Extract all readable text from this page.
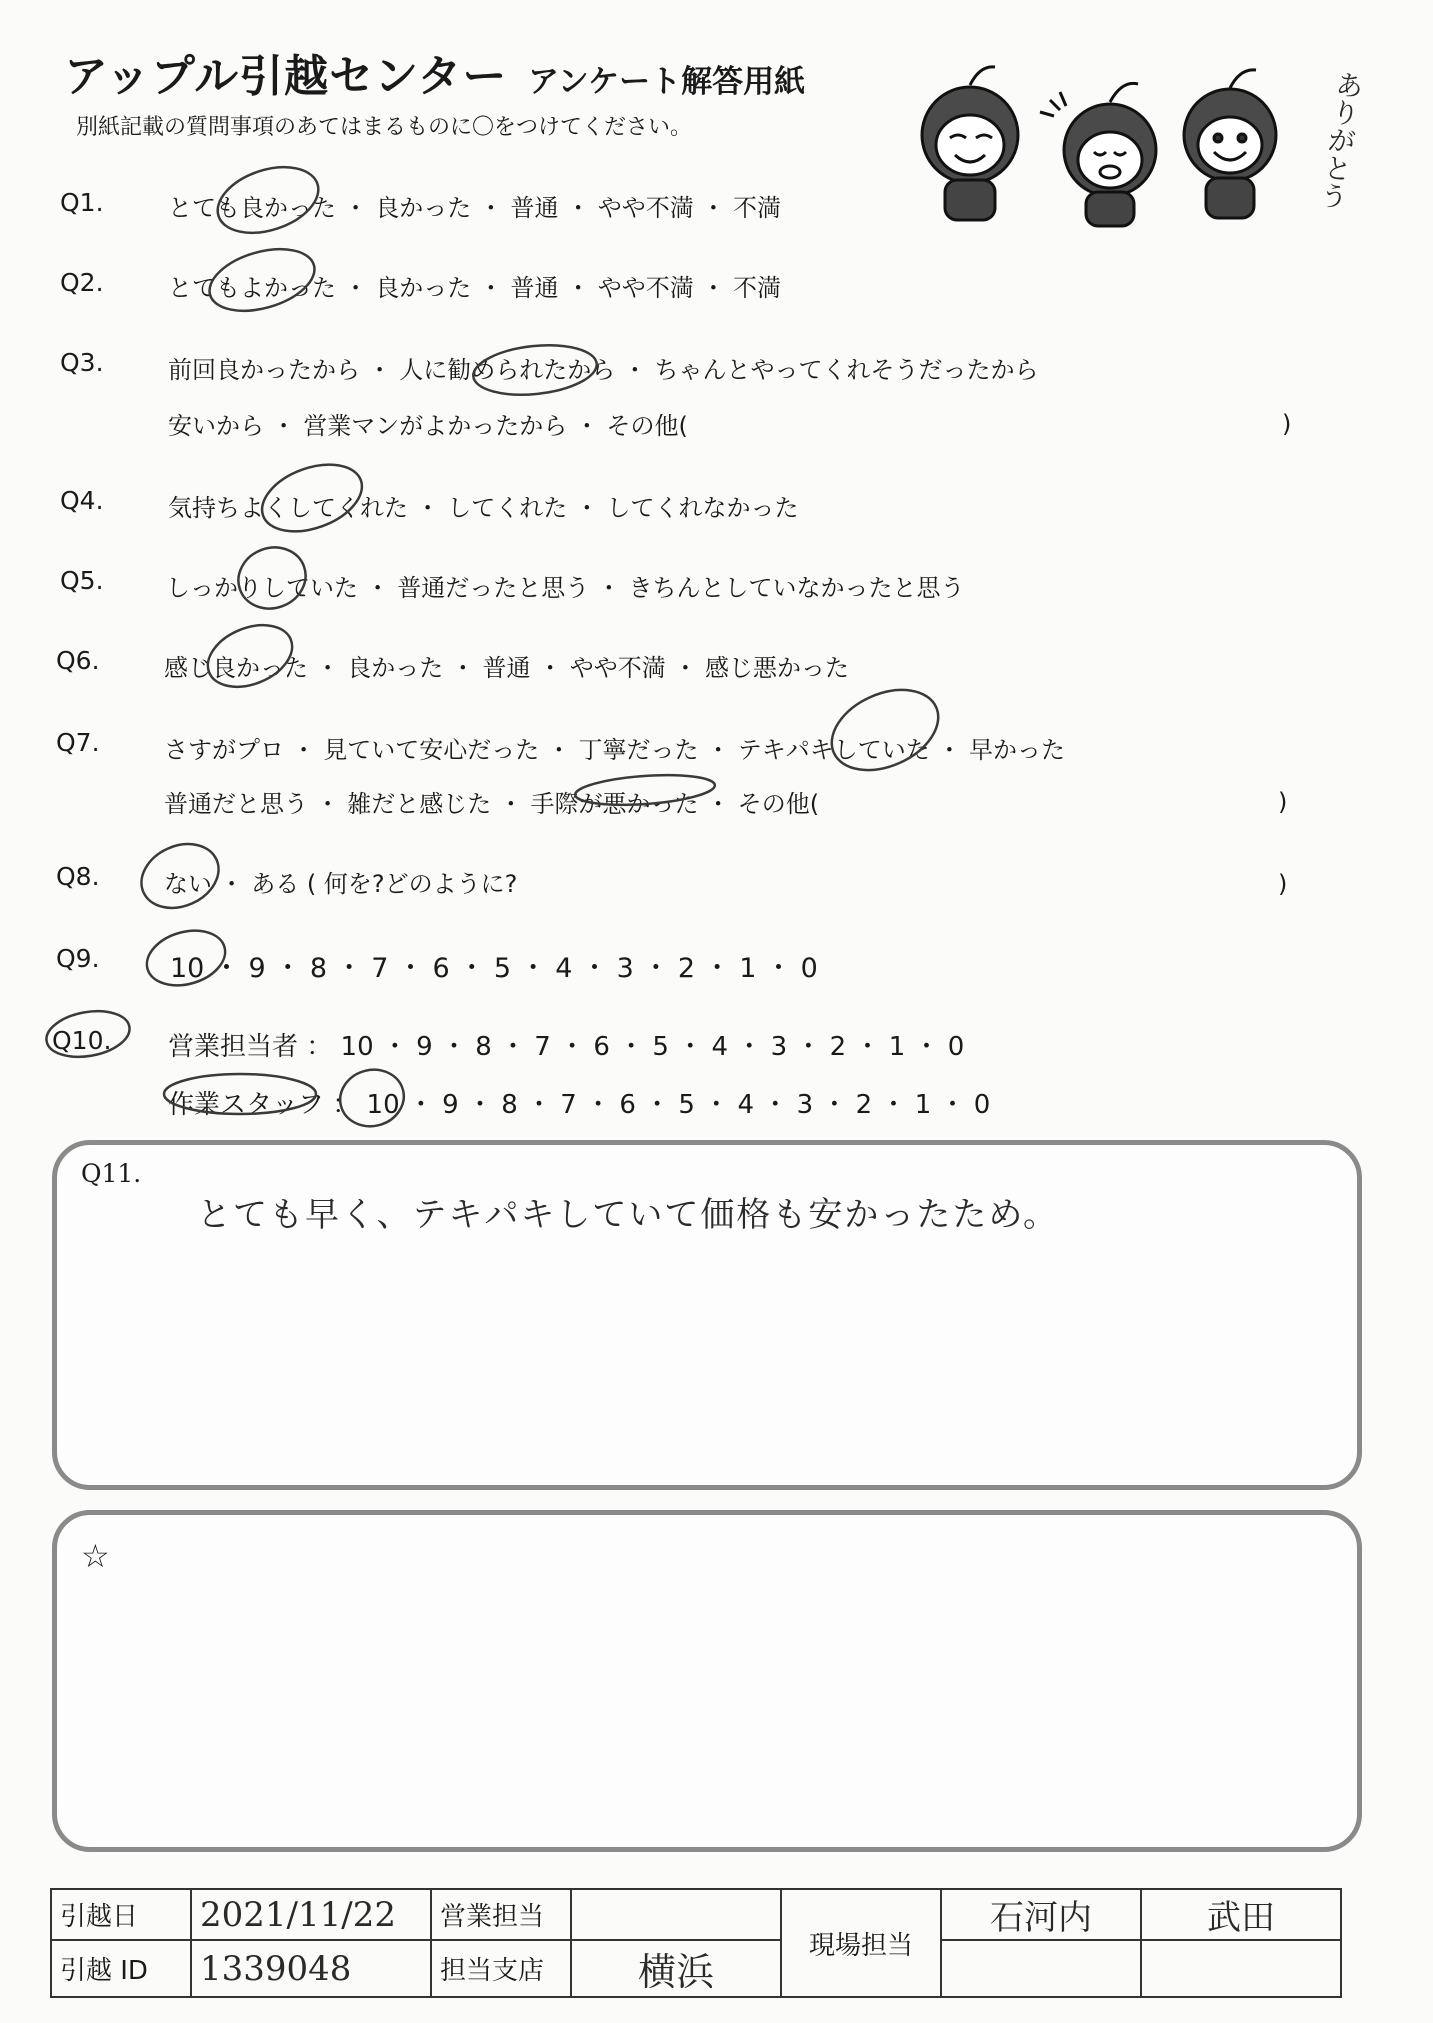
アップル引越センター アンケート解答用紙
別紙記載の質問事項のあてはまるものに〇をつけてください。	ありがとう
Q1.	とても良かった ・ 良かった ・ 普通 ・ やや不満 ・ 不満
Q2.	とてもよかった ・ 良かった ・ 普通 ・ やや不満 ・ 不満
Q3.	前回良かったから ・ 人に勧められたから ・ ちゃんとやってくれそうだったから
安いから ・ 営業マンがよかったから ・ その他(	)
Q4.	気持ちよくしてくれた ・ してくれた ・ してくれなかった
Q5.	しっかりしていた ・ 普通だったと思う ・ きちんとしていなかったと思う
Q6.	感じ良かった ・ 良かった ・ 普通 ・ やや不満 ・ 感じ悪かった
Q7.	さすがプロ ・ 見ていて安心だった ・ 丁寧だった ・ テキパキしていた ・ 早かった
普通だと思う ・ 雑だと感じた ・ 手際が悪かった ・ その他(	)
Q8.	ない ・ ある ( 何を?どのように?	)
Q9.	10 ・ 9 ・ 8 ・ 7 ・ 6 ・ 5 ・ 4 ・ 3 ・ 2 ・ 1 ・ 0
Q10. 営業担当者 ： 10 ・ 9 ・ 8 ・ 7 ・ 6 ・ 5 ・ 4 ・ 3 ・ 2 ・ 1 ・ 0
作業スタッフ ： 10 ・ 9 ・ 8 ・ 7 ・ 6 ・ 5 ・ 4 ・ 3 ・ 2 ・ 1 ・ 0
Q11.
とても早く、テキパキしていて価格も安かったため。
☆
引越日	2021/11/22	営業担当		現場担当	石河内	武田
引越 ID	1339048	担当支店	横浜			
